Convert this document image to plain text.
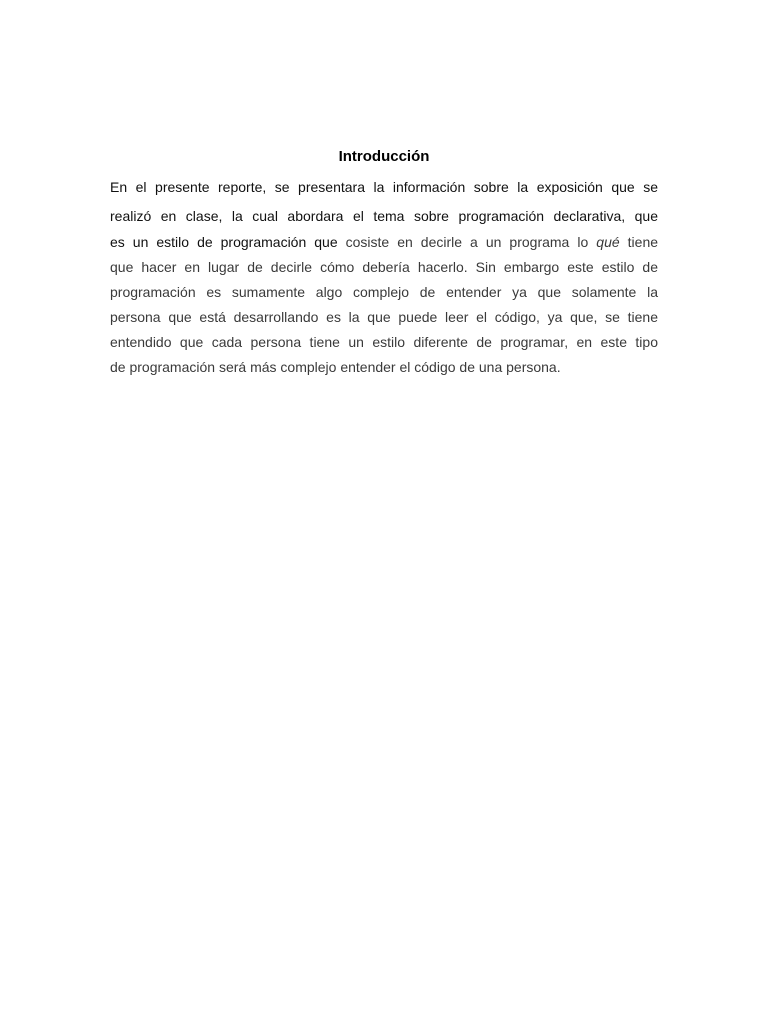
Introducción

En el presente reporte, se presentara la información sobre la exposición que se

realizó en clase, la cual abordara el tema sobre programación declarativa, que

es un estilo de programación que cosiste en decirle a un programa lo qué tiene

que hacer en lugar de decirle cómo debería hacerlo. Sin embargo este estilo de

programación es sumamente algo complejo de entender ya que solamente la

persona que está desarrollando es la que puede leer el código, ya que, se tiene

entendido que cada persona tiene un estilo diferente de programar, en este tipo

de programación será más complejo entender el código de una persona.
